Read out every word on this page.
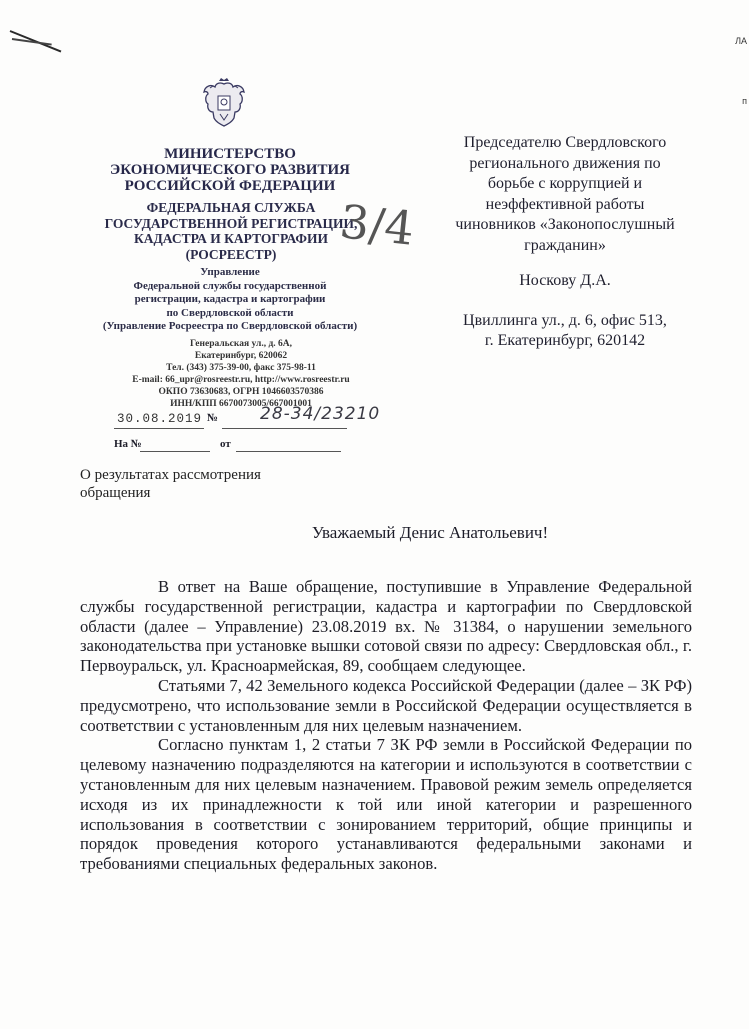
ЛА
п
МИНИСТЕРСТВО
ЭКОНОМИЧЕСКОГО РАЗВИТИЯ
РОССИЙСКОЙ ФЕДЕРАЦИИ
ФЕДЕРАЛЬНАЯ СЛУЖБА
ГОСУДАРСТВЕННОЙ РЕГИСТРАЦИИ,
КАДАСТРА И КАРТОГРАФИИ
(РОСРЕЕСТР)	3/4
Управление
Федеральной службы государственной
регистрации, кадастра и картографии
по Свердловской области
(Управление Росреестра по Свердловской области)
Генеральская ул., д. 6А,
Екатеринбург, 620062
Тел. (343) 375-39-00, факс 375-98-11
E-mail: 66_upr@rosreestr.ru, http://www.rosreestr.ru
ОКПО 73630683, ОГРН 1046603570386
ИНН/КПП 6670073005/667001001
30.08.2019 № 28-34/23210
На №	от
О результатах рассмотрения
обращения
Председателю Свердловского
регионального движения по
борьбе с коррупцией и
неэффективной работы
чиновников «Законопослушный
гражданин»
Носкову Д.А.
Цвиллинга ул., д. 6, офис 513,
г. Екатеринбург, 620142
Уважаемый Денис Анатольевич!

В ответ на Ваше обращение, поступившие в Управление Федеральной службы государственной регистрации, кадастра и картографии по Свердловской области (далее – Управление) 23.08.2019 вх. № 31384, о нарушении земельного законодательства при установке вышки сотовой связи по адресу: Свердловская обл., г. Первоуральск, ул. Красноармейская, 89, сообщаем следующее.

Статьями 7, 42 Земельного кодекса Российской Федерации (далее – ЗК РФ) предусмотрено, что использование земли в Российской Федерации осуществляется в соответствии с установленным для них целевым назначением.

Согласно пунктам 1, 2 статьи 7 ЗК РФ земли в Российской Федерации по целевому назначению подразделяются на категории и используются в соответствии с установленным для них целевым назначением. Правовой режим земель определяется исходя из их принадлежности к той или иной категории и разрешенного использования в соответствии с зонированием территорий, общие принципы и порядок проведения которого устанавливаются федеральными законами и требованиями специальных федеральных законов.
